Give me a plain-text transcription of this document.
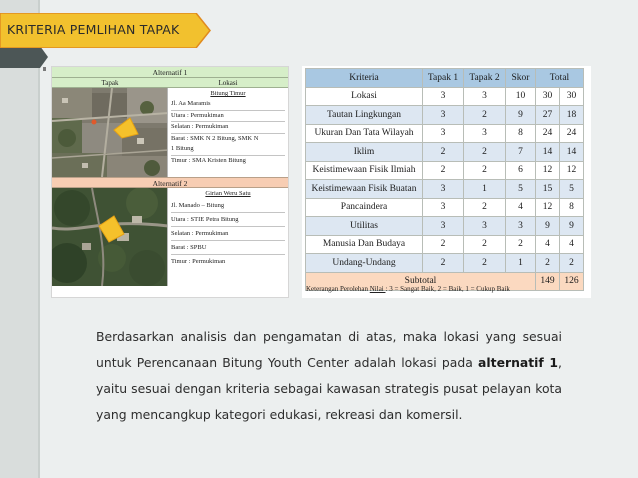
KRITERIA PEMLIHAN TAPAK
Alternatif 1
Tapak	Lokasi
Bitung Timur
Jl. Aa Maramis
Utara : Permukiman
Selatan : Permukiman
Barat : SMK N 2 Bitung, SMK N
1 Bitung
Timur : SMA Kristen Bitung
Alternatif 2
Girian Weru Satu
Jl. Manado – Bitung
Utara : STIE Petra Bitung
Selatan : Permukiman
Barat : SPBU
Timur : Permukiman
Kriteria	Tapak 1	Tapak 2	Skor	Total	
Lokasi	3	3	10	30	30
Tautan Lingkungan	3	2	9	27	18
Ukuran Dan Tata Wilayah	3	3	8	24	24
Iklim	2	2	7	14	14
Keistimewaan Fisik Ilmiah	2	2	6	12	12
Keistimewaan Fisik Buatan	3	1	5	15	5
Pancaindera	3	2	4	12	8
Utilitas	3	3	3	9	9
Manusia Dan Budaya	2	2	2	4	4
Undang-Undang	2	2	1	2	2
Subtotal				149	126
Keterangan Perolehan Nilai : 3 = Sangat Baik, 2 = Baik, 1 = Cukup Baik
Berdasarkan analisis dan pengamatan di atas, maka lokasi yang sesuai untuk Perencanaan Bitung Youth Center adalah lokasi pada alternatif 1, yaitu sesuai dengan kriteria sebagai kawasan strategis pusat pelayan kota yang mencangkup kategori edukasi, rekreasi dan komersil.
